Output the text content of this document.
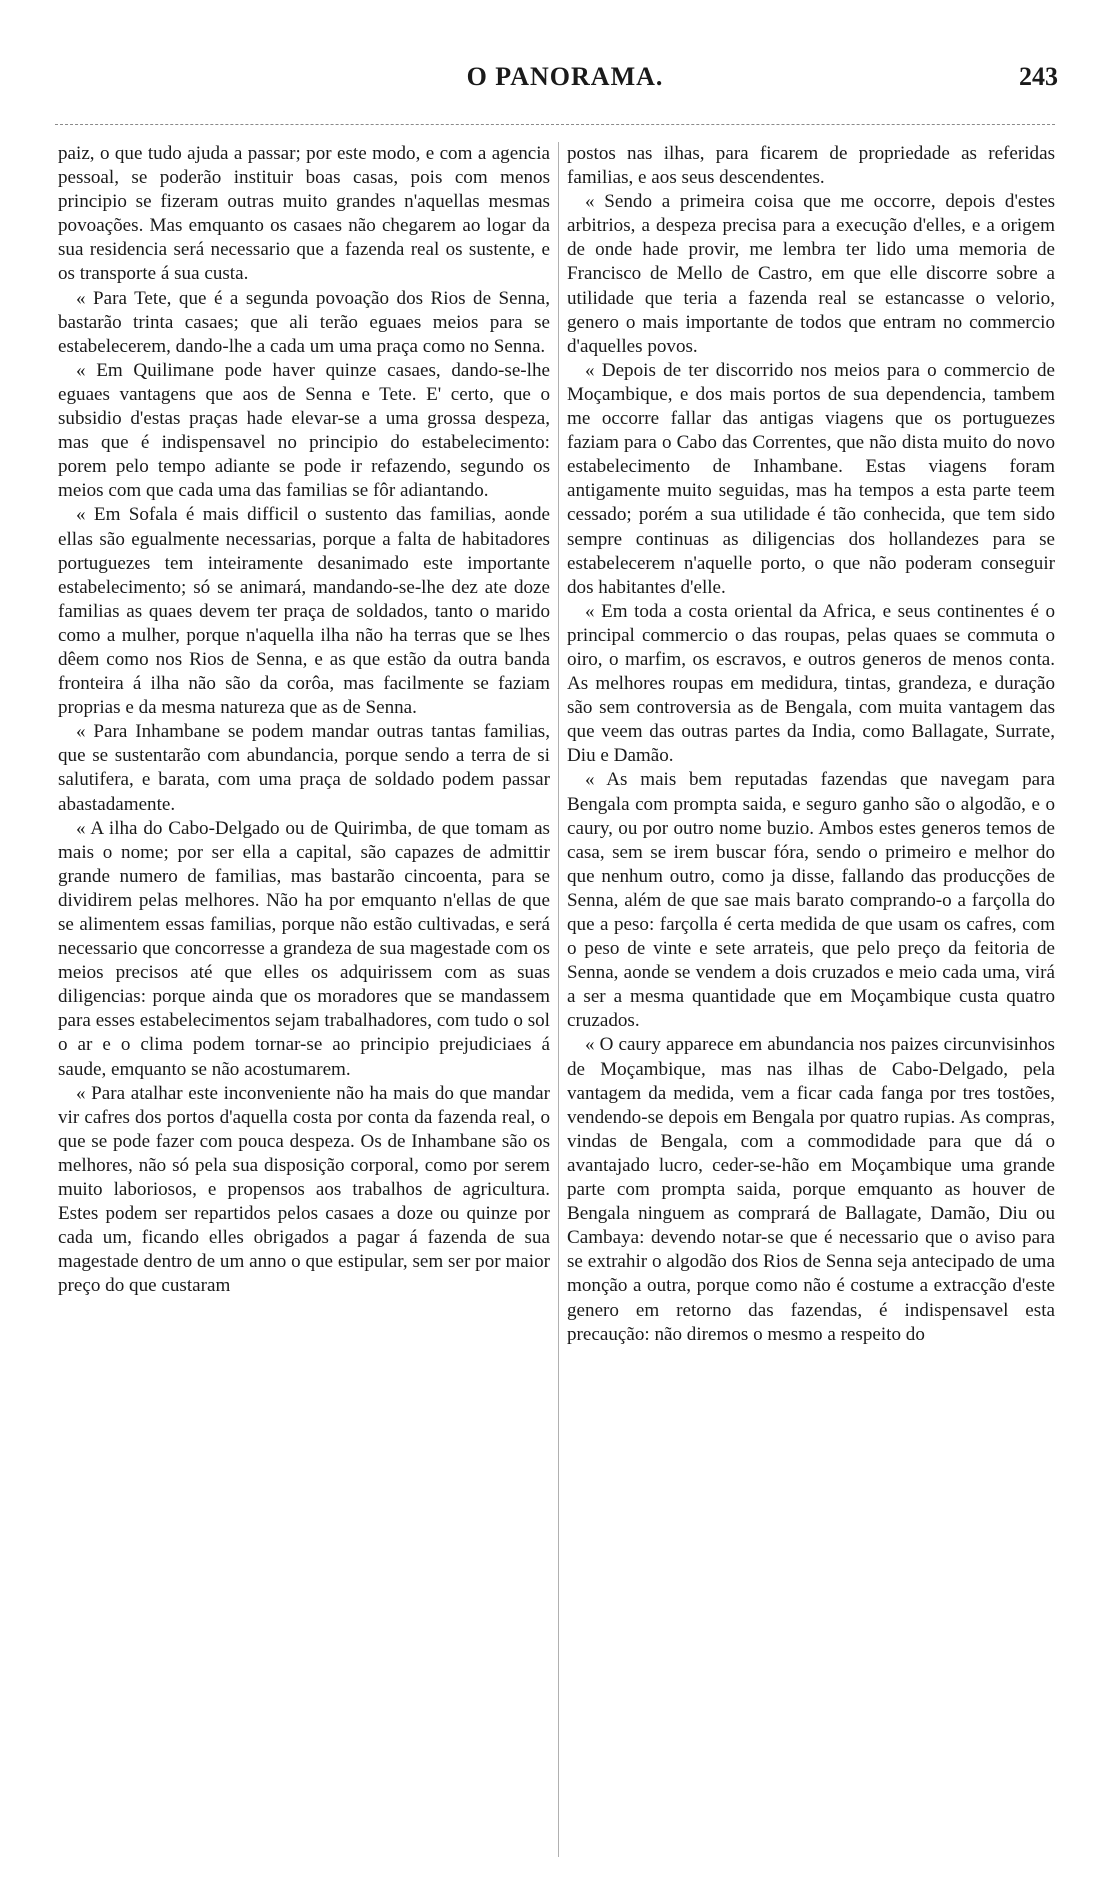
O PANORAMA.	243

paiz, o que tudo ajuda a passar; por este modo, e com a agencia pessoal, se poderão instituir boas casas, pois com menos principio se fizeram outras muito grandes n'aquellas mesmas povoações. Mas emquanto os casaes não chegarem ao logar da sua residencia será necessario que a fazenda real os sustente, e os transporte á sua custa.

« Para Tete, que é a segunda povoação dos Rios de Senna, bastarão trinta casaes; que ali terão eguaes meios para se estabelecerem, dando-lhe a cada um uma praça como no Senna.

« Em Quilimane pode haver quinze casaes, dando-se-lhe eguaes vantagens que aos de Senna e Tete. E' certo, que o subsidio d'estas praças hade elevar-se a uma grossa despeza, mas que é indispensavel no principio do estabelecimento: porem pelo tempo adiante se pode ir refazendo, segundo os meios com que cada uma das familias se fôr adiantando.

« Em Sofala é mais difficil o sustento das familias, aonde ellas são egualmente necessarias, porque a falta de habitadores portuguezes tem inteiramente desanimado este importante estabelecimento; só se animará, mandando-se-lhe dez ate doze familias as quaes devem ter praça de soldados, tanto o marido como a mulher, porque n'aquella ilha não ha terras que se lhes dêem como nos Rios de Senna, e as que estão da outra banda fronteira á ilha não são da corôa, mas facilmente se faziam proprias e da mesma natureza que as de Senna.

« Para Inhambane se podem mandar outras tantas familias, que se sustentarão com abundancia, porque sendo a terra de si salutifera, e barata, com uma praça de soldado podem passar abastadamente.

« A ilha do Cabo-Delgado ou de Quirimba, de que tomam as mais o nome; por ser ella a capital, são capazes de admittir grande numero de familias, mas bastarão cincoenta, para se dividirem pelas melhores. Não ha por emquanto n'ellas de que se alimentem essas familias, porque não estão cultivadas, e será necessario que concorresse a grandeza de sua magestade com os meios precisos até que elles os adquirissem com as suas diligencias: porque ainda que os moradores que se mandassem para esses estabelecimentos sejam trabalhadores, com tudo o sol o ar e o clima podem tornar-se ao principio prejudiciaes á saude, emquanto se não acostumarem.

« Para atalhar este inconveniente não ha mais do que mandar vir cafres dos portos d'aquella costa por conta da fazenda real, o que se pode fazer com pouca despeza. Os de Inhambane são os melhores, não só pela sua disposição corporal, como por serem muito laboriosos, e propensos aos trabalhos de agricultura. Estes podem ser repartidos pelos casaes a doze ou quinze por cada um, ficando elles obrigados a pagar á fazenda de sua magestade dentro de um anno o que estipular, sem ser por maior preço do que custaram

postos nas ilhas, para ficarem de propriedade as referidas familias, e aos seus descendentes.

« Sendo a primeira coisa que me occorre, depois d'estes arbitrios, a despeza precisa para a execução d'elles, e a origem de onde hade provir, me lembra ter lido uma memoria de Francisco de Mello de Castro, em que elle discorre sobre a utilidade que teria a fazenda real se estancasse o velorio, genero o mais importante de todos que entram no commercio d'aquelles povos.

« Depois de ter discorrido nos meios para o commercio de Moçambique, e dos mais portos de sua dependencia, tambem me occorre fallar das antigas viagens que os portuguezes faziam para o Cabo das Correntes, que não dista muito do novo estabelecimento de Inhambane. Estas viagens foram antigamente muito seguidas, mas ha tempos a esta parte teem cessado; porém a sua utilidade é tão conhecida, que tem sido sempre continuas as diligencias dos hollandezes para se estabelecerem n'aquelle porto, o que não poderam conseguir dos habitantes d'elle.

« Em toda a costa oriental da Africa, e seus continentes é o principal commercio o das roupas, pelas quaes se commuta o oiro, o marfim, os escravos, e outros generos de menos conta. As melhores roupas em medidura, tintas, grandeza, e duração são sem controversia as de Bengala, com muita vantagem das que veem das outras partes da India, como Ballagate, Surrate, Diu e Damão.

« As mais bem reputadas fazendas que navegam para Bengala com prompta saida, e seguro ganho são o algodão, e o caury, ou por outro nome buzio. Ambos estes generos temos de casa, sem se irem buscar fóra, sendo o primeiro e melhor do que nenhum outro, como ja disse, fallando das producções de Senna, além de que sae mais barato comprando-o a farçolla do que a peso: farçolla é certa medida de que usam os cafres, com o peso de vinte e sete arrateis, que pelo preço da feitoria de Senna, aonde se vendem a dois cruzados e meio cada uma, virá a ser a mesma quantidade que em Moçambique custa quatro cruzados.

« O caury apparece em abundancia nos paizes circunvisinhos de Moçambique, mas nas ilhas de Cabo-Delgado, pela vantagem da medida, vem a ficar cada fanga por tres tostões, vendendo-se depois em Bengala por quatro rupias. As compras, vindas de Bengala, com a commodidade para que dá o avantajado lucro, ceder-se-hão em Moçambique uma grande parte com prompta saida, porque emquanto as houver de Bengala ninguem as comprará de Ballagate, Damão, Diu ou Cambaya: devendo notar-se que é necessario que o aviso para se extrahir o algodão dos Rios de Senna seja antecipado de uma monção a outra, porque como não é costume a extracção d'este genero em retorno das fazendas, é indispensavel esta precaução: não diremos o mesmo a respeito do
